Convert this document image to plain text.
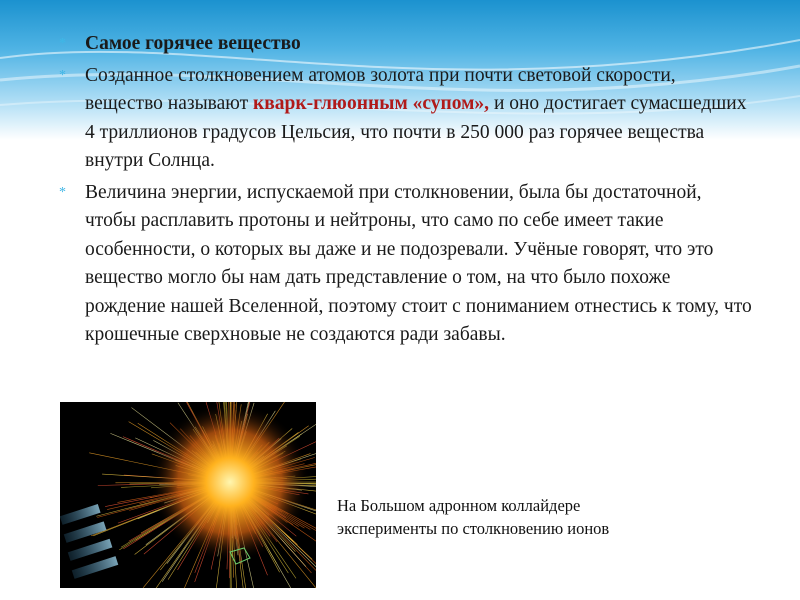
* Самое горячее вещество

* Созданное столкновением атомов золота при почти световой скорости, вещество называют кварк-глюонным «супом», и оно достигает сумасшедших 4 триллионов градусов Цельсия, что почти в 250 000 раз горячее вещества внутри Солнца.

* Величина энергии, испускаемой при столкновении, была бы достаточной, чтобы расплавить протоны и нейтроны, что само по себе имеет такие особенности, о которых вы даже и не подозревали. Учёные говорят, что это вещество могло бы нам дать представление о том, на что было похоже рождение нашей Вселенной, поэтому стоит с пониманием отнестись к тому, что крошечные сверхновые не создаются ради забавы.

На Большом адронном коллайдере
эксперименты по столкновению ионов
